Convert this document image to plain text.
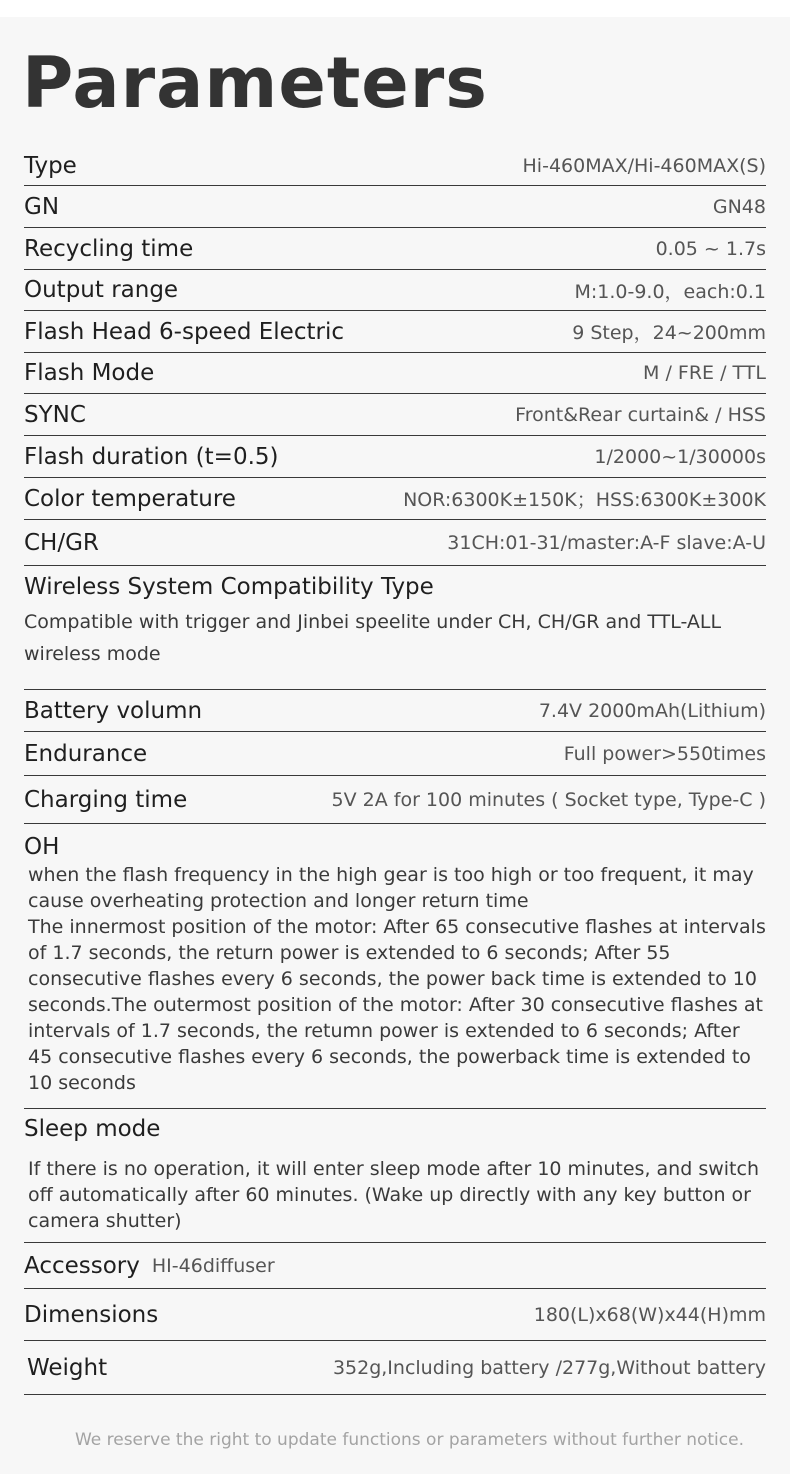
Parameters
Type	Hi-460MAX/Hi-460MAX(S)
GN	GN48
Recycling time	0.05 ~ 1.7s
Output range	M:1.0-9.0，each:0.1
Flash Head 6-speed Electric	9 Step，24~200mm
Flash Mode	M / FRE / TTL
SYNC	Front&Rear curtain& / HSS
Flash duration (t=0.5)	1/2000~1/30000s
Color temperature	NOR:6300K±150K；HSS:6300K±300K
CH/GR	31CH:01-31/master:A-F slave:A-U
Wireless System Compatibility Type
Compatible with trigger and Jinbei speelite under CH, CH/GR and TTL-ALL wireless mode
Battery volumn	7.4V 2000mAh(Lithium)
Endurance	Full power>550times
Charging time	5V 2A for 100 minutes ( Socket type, Type-C )
OH
when the flash frequency in the high gear is too high or too frequent, it may cause overheating protection and longer return time
The innermost position of the motor: After 65 consecutive flashes at intervals of 1.7 seconds, the return power is extended to 6 seconds; After 55 consecutive flashes every 6 seconds, the power back time is extended to 10 seconds.The outermost position of the motor: After 30 consecutive flashes at intervals of 1.7 seconds, the retumn power is extended to 6 seconds; After 45 consecutive flashes every 6 seconds, the powerback time is extended to 10 seconds
Sleep mode
If there is no operation, it will enter sleep mode after 10 minutes, and switch off automatically after 60 minutes. (Wake up directly with any key button or camera shutter)
Accessory HI-46diffuser
Dimensions	180(L)x68(W)x44(H)mm
Weight	352g,Including battery /277g,Without battery
We reserve the right to update functions or parameters without further notice.
